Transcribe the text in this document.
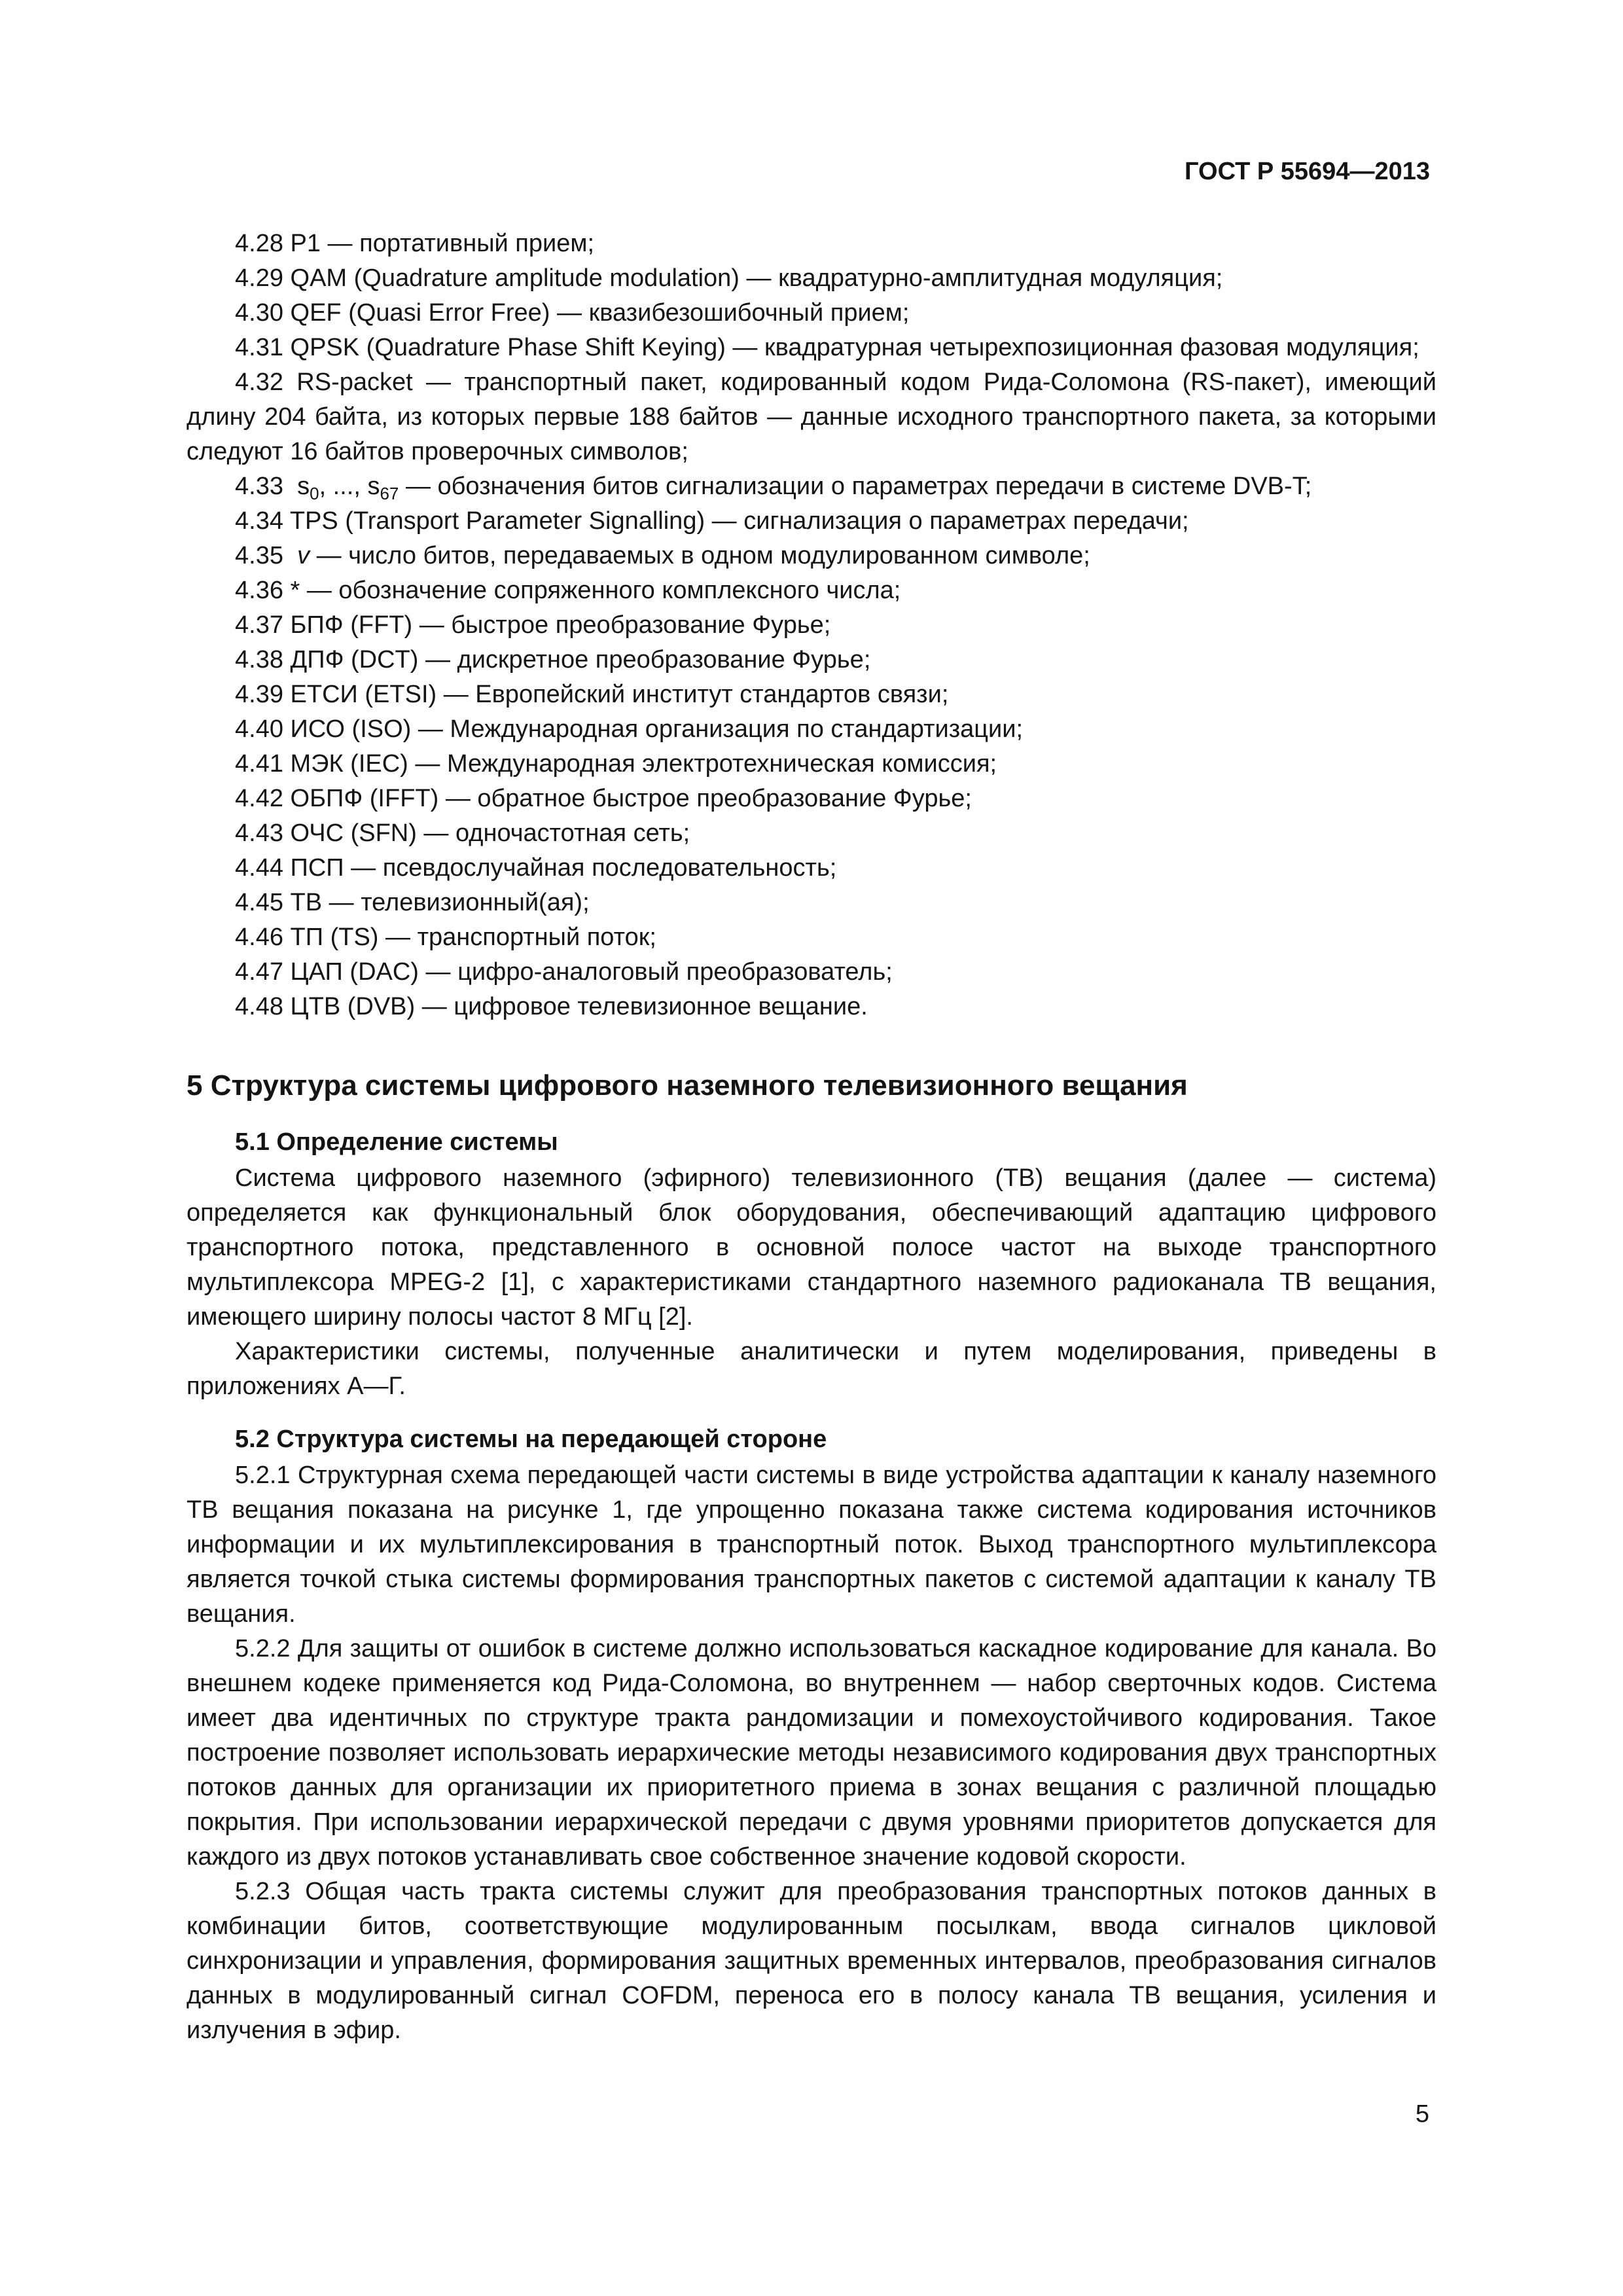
ГОСТ Р 55694—2013

4.28 P1 — портативный прием;

4.29 QAM (Quadrature amplitude modulation) — квадратурно-амплитудная модуляция;

4.30 QEF (Quasi Error Free) — квазибезошибочный прием;

4.31 QPSK (Quadrature Phase Shift Keying) — квадратурная четырехпозиционная фазовая модуляция;

4.32 RS-packet — транспортный пакет, кодированный кодом Рида-Соломона (RS-пакет), имеющий длину 204 байта, из которых первые 188 байтов — данные исходного транспортного пакета, за которыми следуют 16 байтов проверочных символов;

4.33 $s_0$, ..., $s_{67}$ — обозначения битов сигнализации о параметрах передачи в системе DVB-T;

4.34 TPS (Transport Parameter Signalling) — сигнализация о параметрах передачи;

4.35 v — число битов, передаваемых в одном модулированном символе;

4.36 * — обозначение сопряженного комплексного числа;

4.37 БПФ (FFT) — быстрое преобразование Фурье;

4.38 ДПФ (DCT) — дискретное преобразование Фурье;

4.39 ЕТСИ (ETSI) — Европейский институт стандартов связи;

4.40 ИСО (ISO) — Международная организация по стандартизации;

4.41 МЭК (IEC) — Международная электротехническая комиссия;

4.42 ОБПФ (IFFT) — обратное быстрое преобразование Фурье;

4.43 ОЧС (SFN) — одночастотная сеть;

4.44 ПСП — псевдослучайная последовательность;

4.45 ТВ — телевизионный(ая);

4.46 ТП (TS) — транспортный поток;

4.47 ЦАП (DAC) — цифро-аналоговый преобразователь;

4.48 ЦТВ (DVB) — цифровое телевизионное вещание.

5 Структура системы цифрового наземного телевизионного вещания
5.1 Определение системы

Система цифрового наземного (эфирного) телевизионного (ТВ) вещания (далее — система) определяется как функциональный блок оборудования, обеспечивающий адаптацию цифрового транспортного потока, представленного в основной полосе частот на выходе транспортного мультиплексора MPEG-2 [1], с характеристиками стандартного наземного радиоканала ТВ вещания, имеющего ширину полосы частот 8 МГц [2].

Характеристики системы, полученные аналитически и путем моделирования, приведены в приложениях А—Г.

5.2 Структура системы на передающей стороне

5.2.1 Структурная схема передающей части системы в виде устройства адаптации к каналу наземного ТВ вещания показана на рисунке 1, где упрощенно показана также система кодирования источников информации и их мультиплексирования в транспортный поток. Выход транспортного мультиплексора является точкой стыка системы формирования транспортных пакетов с системой адаптации к каналу ТВ вещания.

5.2.2 Для защиты от ошибок в системе должно использоваться каскадное кодирование для канала. Во внешнем кодеке применяется код Рида-Соломона, во внутреннем — набор сверточных кодов. Система имеет два идентичных по структуре тракта рандомизации и помехоустойчивого кодирования. Такое построение позволяет использовать иерархические методы независимого кодирования двух транспортных потоков данных для организации их приоритетного приема в зонах вещания с различной площадью покрытия. При использовании иерархической передачи с двумя уровнями приоритетов допускается для каждого из двух потоков устанавливать свое собственное значение кодовой скорости.

5.2.3 Общая часть тракта системы служит для преобразования транспортных потоков данных в комбинации битов, соответствующие модулированным посылкам, ввода сигналов цикловой синхронизации и управления, формирования защитных временных интервалов, преобразования сигналов данных в модулированный сигнал COFDM, переноса его в полосу канала ТВ вещания, усиления и излучения в эфир.

5
